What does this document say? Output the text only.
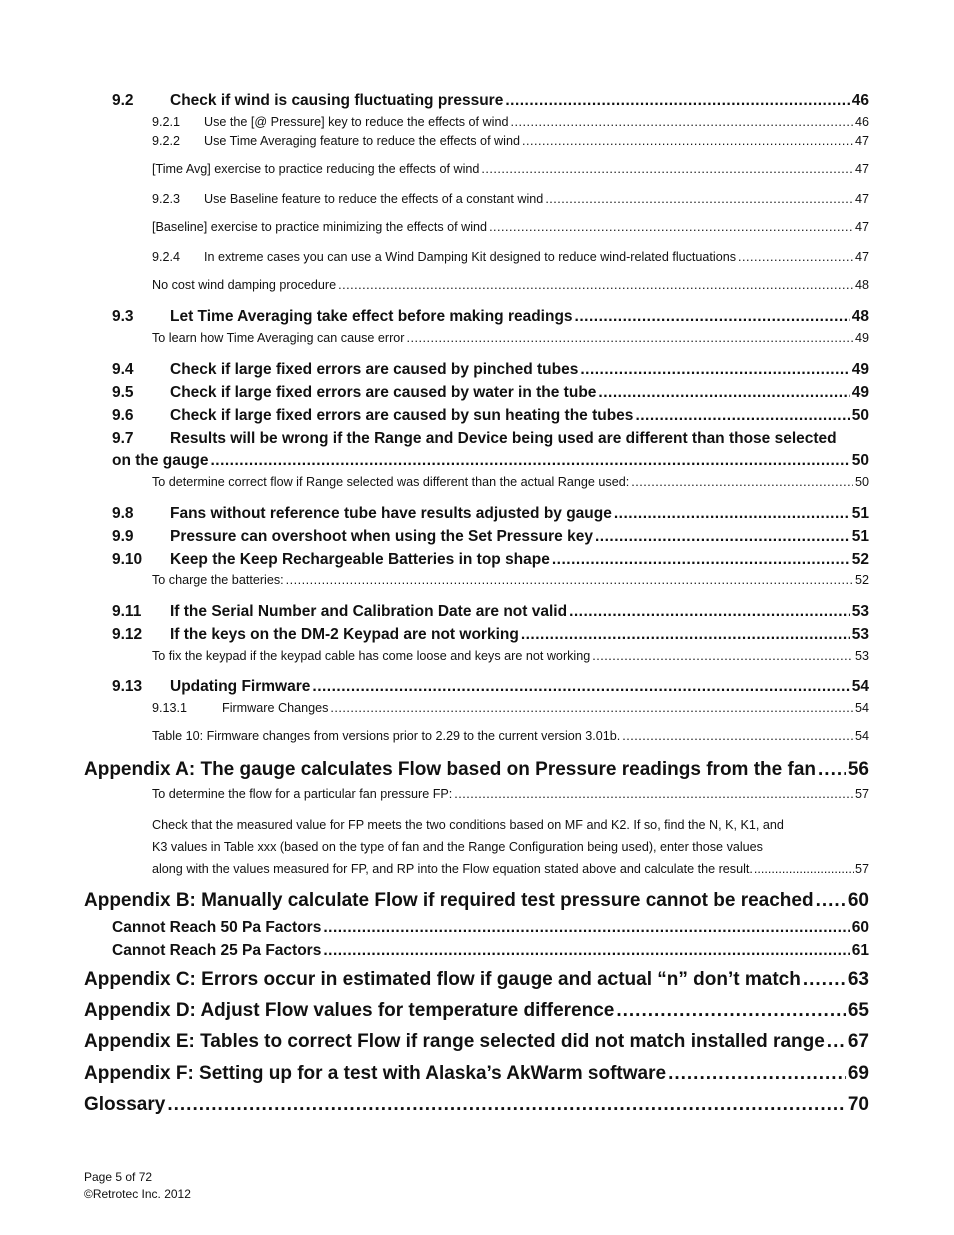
9.2	Check if wind is causing fluctuating pressure .....	46
9.2.1	Use the [@ Pressure] key to reduce the effects of wind .....	46
9.2.2	Use Time Averaging feature to reduce the effects of wind .....	47
[Time Avg] exercise to practice reducing the effects of wind .....	47
9.2.3	Use Baseline feature to reduce the effects of a constant wind .....	47
[Baseline] exercise to practice minimizing the effects of wind .....	47
9.2.4	In extreme cases you can use a Wind Damping Kit designed to reduce wind-related fluctuations .....	47
No cost wind damping procedure .....	48
9.3	Let Time Averaging take effect before making readings .....	48
To learn how Time Averaging can cause error .....	49
9.4	Check if large fixed errors are caused by pinched tubes .....	49
9.5	Check if large fixed errors are caused by water in the tube .....	49
9.6	Check if large fixed errors are caused by sun heating the tubes .....	50
9.7	Results will be wrong if the Range and Device being used are different than those selected
on the gauge .....	50
To determine correct flow if Range selected was different than the actual Range used: .....	50
9.8	Fans without reference tube have results adjusted by gauge .....	51
9.9	Pressure can overshoot when using the Set Pressure key .....	51
9.10	Keep the Keep Rechargeable Batteries in top shape .....	52
To charge the batteries: .....	52
9.11	If the Serial Number and Calibration Date are not valid .....	53
9.12	If the keys on the DM-2 Keypad are not working .....	53
To fix the keypad if the keypad cable has come loose and keys are not working .....	53
9.13	Updating Firmware .....	54
9.13.1	Firmware Changes .....	54
Table 10: Firmware changes from versions prior to 2.29 to the current version 3.01b. .....	54
Appendix A: The gauge calculates Flow based on Pressure readings from the fan ..... 56
To determine the flow for a particular fan pressure FP: .....	57
Check that the measured value for FP meets the two conditions based on MF and K2. If so, find the N, K, K1, and
K3 values in Table xxx (based on the type of fan and the Range Configuration being used), enter those values
along with the values measured for FP, and RP into the Flow equation stated above and calculate the result. .....	57
Appendix B: Manually calculate Flow if required test pressure cannot be reached ..... 60
Cannot Reach 50 Pa Factors .....	60
Cannot Reach 25 Pa Factors .....	61
Appendix C: Errors occur in estimated flow if gauge and actual “n” don’t match ..... 63
Appendix D: Adjust Flow values for temperature difference .....	65
Appendix E: Tables to correct Flow if range selected did not match installed range ..... 67
Appendix F: Setting up for a test with Alaska’s AkWarm software .....	69
Glossary .....	70
Page 5 of 72
©Retrotec Inc. 2012
